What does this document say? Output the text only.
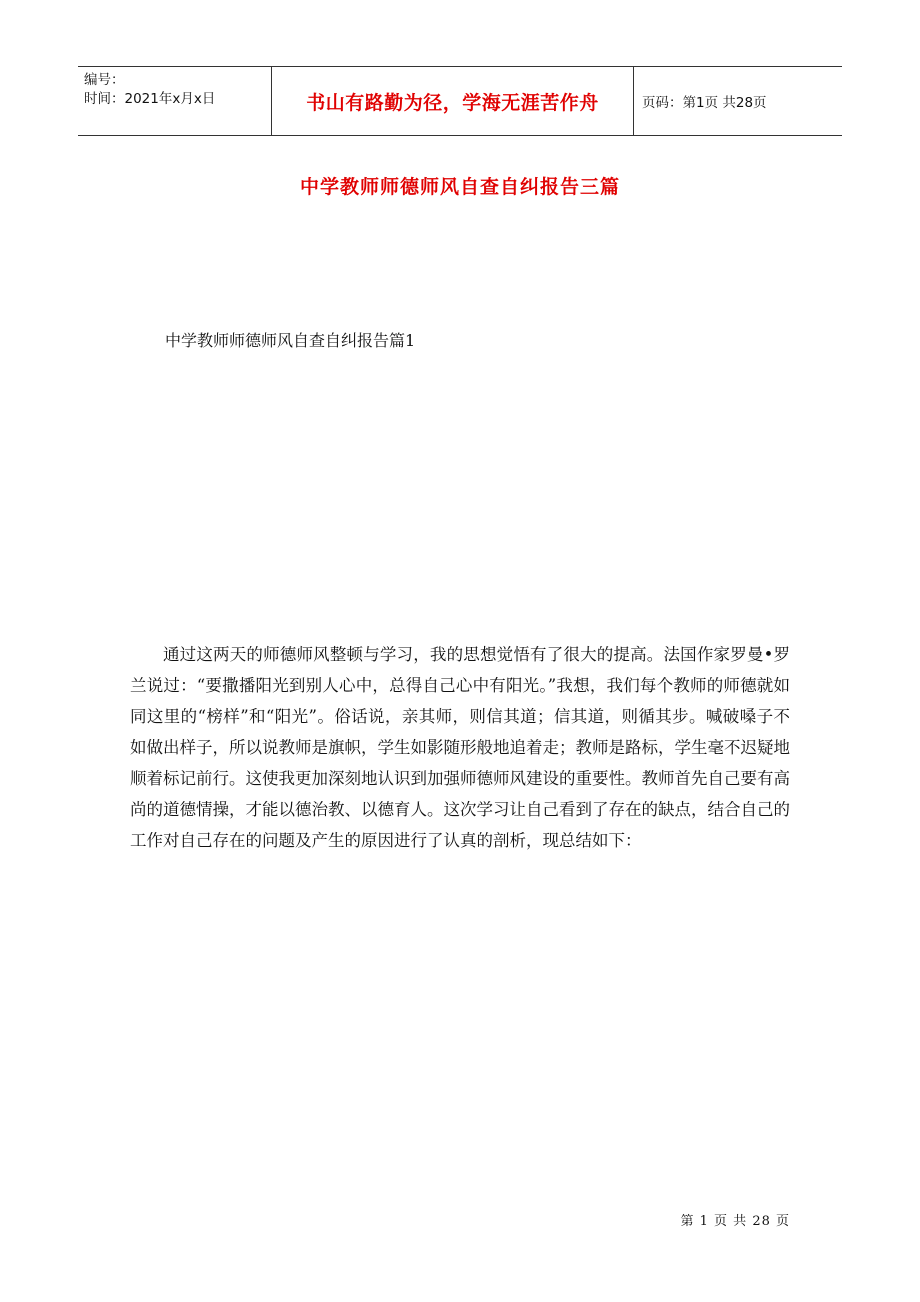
编号：
时间：2021年x月x日	书山有路勤为径，学海无涯苦作舟	页码：第1页 共28页
中学教师师德师风自查自纠报告三篇
中学教师师德师风自查自纠报告篇1

通过这两天的师德师风整顿与学习，我的思想觉悟有了很大的提高。法国作家罗曼•罗兰说过：“要撒播阳光到别人心中，总得自己心中有阳光。”我想，我们每个教师的师德就如同这里的“榜样”和“阳光”。俗话说，亲其师，则信其道；信其道，则循其步。喊破嗓子不如做出样子，所以说教师是旗帜，学生如影随形般地追着走；教师是路标，学生毫不迟疑地顺着标记前行。这使我更加深刻地认识到加强师德师风建设的重要性。教师首先自己要有高尚的道德情操，才能以德治教、以德育人。这次学习让自己看到了存在的缺点，结合自己的工作对自己存在的问题及产生的原因进行了认真的剖析，现总结如下：

第 1 页 共 28 页
